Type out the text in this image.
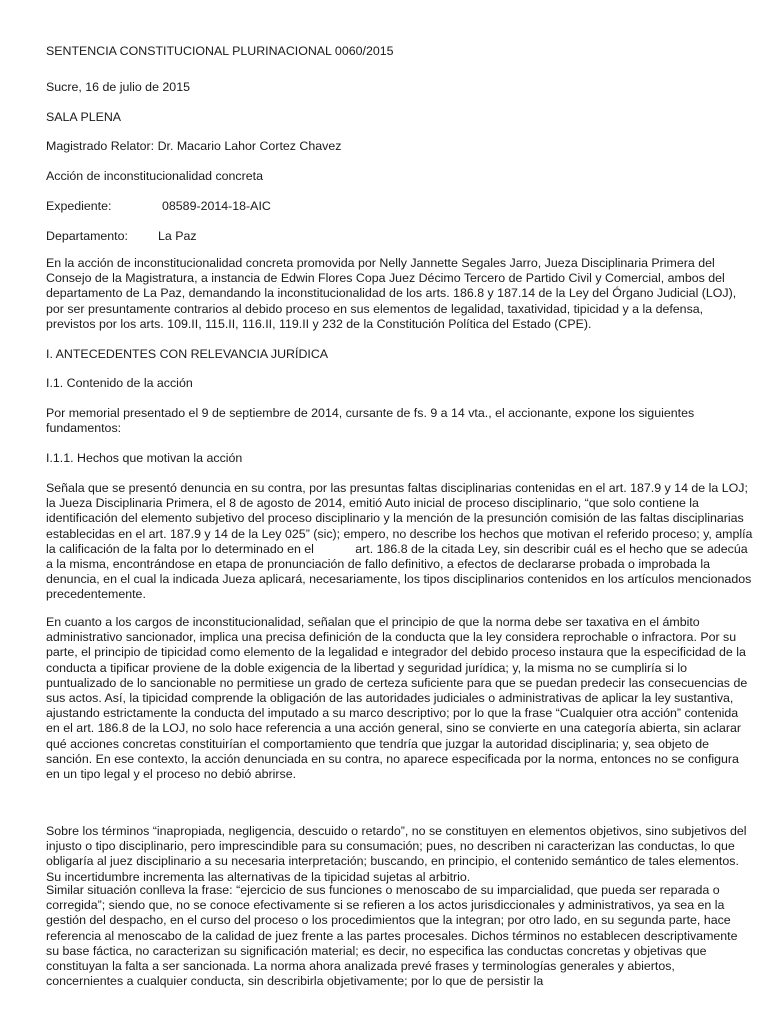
SENTENCIA CONSTITUCIONAL PLURINACIONAL 0060/2015

Sucre, 16 de julio de 2015

SALA PLENA

Magistrado Relator: Dr. Macario Lahor Cortez Chavez

Acción de inconstitucionalidad concreta

Expediente:	08589-2014-18-AIC

Departamento: La Paz

En la acción de inconstitucionalidad concreta promovida por Nelly Jannette Segales Jarro, Jueza Disciplinaria Primera del Consejo de la Magistratura, a instancia de Edwin Flores Copa Juez Décimo Tercero de Partido Civil y Comercial, ambos del departamento de La Paz, demandando la inconstitucionalidad de los arts. 186.8 y 187.14 de la Ley del Órgano Judicial (LOJ), por ser presuntamente contrarios al debido proceso en sus elementos de legalidad, taxatividad, tipicidad y a la defensa, previstos por los arts. 109.II, 115.II, 116.II, 119.II y 232 de la Constitución Política del Estado (CPE).

I. ANTECEDENTES CON RELEVANCIA JURÍDICA

I.1. Contenido de la acción

Por memorial presentado el 9 de septiembre de 2014, cursante de fs. 9 a 14 vta., el accionante, expone los siguientes fundamentos:

I.1.1. Hechos que motivan la acción

Señala que se presentó denuncia en su contra, por las presuntas faltas disciplinarias contenidas en el art. 187.9 y 14 de la LOJ; la Jueza Disciplinaria Primera, el 8 de agosto de 2014, emitió Auto inicial de proceso disciplinario, “que solo contiene la identificación del elemento subjetivo del proceso disciplinario y la mención de la presunción comisión de las faltas disciplinarias establecidas en el art. 187.9 y 14 de la Ley 025” (sic); empero, no describe los hechos que motivan el referido proceso; y, amplía la calificación de la falta por lo determinado en el            art. 186.8 de la citada Ley, sin describir cuál es el hecho que se adecúa a la misma, encontrándose en etapa de pronunciación de fallo definitivo, a efectos de declararse probada o improbada la denuncia, en el cual la indicada Jueza aplicará, necesariamente, los tipos disciplinarios contenidos en los artículos mencionados precedentemente.

En cuanto a los cargos de inconstitucionalidad, señalan que el principio de que la norma debe ser taxativa en el ámbito administrativo sancionador, implica una precisa definición de la conducta que la ley considera reprochable o infractora. Por su parte, el principio de tipicidad como elemento de la legalidad e integrador del debido proceso instaura que la especificidad de la conducta a tipificar proviene de la doble exigencia de la libertad y seguridad jurídica; y, la misma no se cumpliría si lo puntualizado de lo sancionable no permitiese un grado de certeza suficiente para que se puedan predecir las consecuencias de sus actos. Así, la tipicidad comprende la obligación de las autoridades judiciales o administrativas de aplicar la ley sustantiva, ajustando estrictamente la conducta del imputado a su marco descriptivo; por lo que la frase “Cualquier otra acción” contenida en el art. 186.8 de la LOJ, no solo hace referencia a una acción general, sino se convierte en una categoría abierta, sin aclarar qué acciones concretas constituirían el comportamiento que tendría que juzgar la autoridad disciplinaria; y, sea objeto de sanción. En ese contexto, la acción denunciada en su contra, no aparece especificada por la norma, entonces no se configura en un tipo legal y el proceso no debió abrirse.

Sobre los términos “inapropiada, negligencia, descuido o retardo”, no se constituyen en elementos objetivos, sino subjetivos del injusto o tipo disciplinario, pero imprescindible para su consumación; pues, no describen ni caracterizan las conductas, lo que obligaría al juez disciplinario a su necesaria interpretación; buscando, en principio, el contenido semántico de tales elementos. Su incertidumbre incrementa las alternativas de la tipicidad sujetas al arbitrio.

Similar situación conlleva la frase: “ejercicio de sus funciones o menoscabo de su imparcialidad, que pueda ser reparada o corregida”; siendo que, no se conoce efectivamente si se refieren a los actos jurisdiccionales y administrativos, ya sea en la gestión del despacho, en el curso del proceso o los procedimientos que la integran; por otro lado, en su segunda parte, hace referencia al menoscabo de la calidad de juez frente a las partes procesales. Dichos términos no establecen descriptivamente su base fáctica, no caracterizan su significación material; es decir, no especifica las conductas concretas y objetivas que constituyan la falta a ser sancionada. La norma ahora analizada prevé frases y terminologías generales y abiertos, concernientes a cualquier conducta, sin describirla objetivamente; por lo que de persistir la
